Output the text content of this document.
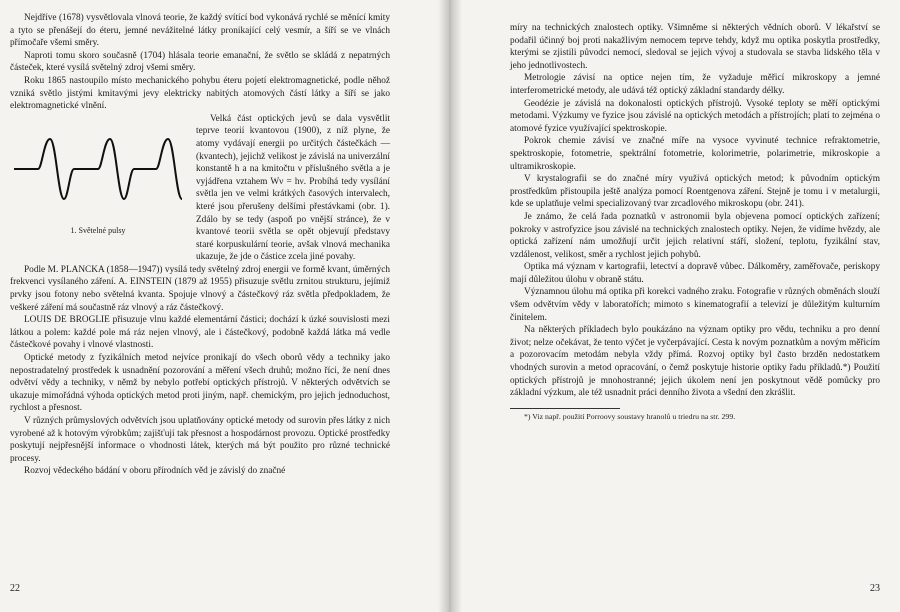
Nejdříve (1678) vysvětlovala vlnová teorie, že každý svítící bod vykonává rychlé se měnící kmity a tyto se přenášejí do éteru, jemné nevážitelné látky pronikající celý vesmír, a šíří se ve vlnách přímočaře všemi směry.

Naproti tomu skoro současně (1704) hlásala teorie emanační, že světlo se skládá z nepatrných částeček, které vysílá světelný zdroj všemi směry.

Roku 1865 nastoupilo místo mechanického pohybu éteru pojetí elektromagnetické, podle něhož vzniká světlo jistými kmitavými jevy elektricky nabitých atomových částí látky a šíří se jako elektromagnetické vlnění.

1. Světelné pulsy

Velká část optických jevů se dala vysvětlit teprve teorií kvantovou (1900), z níž plyne, že atomy vydávají energii po určitých částečkách — (kvantech), jejichž velikost je závislá na univerzální konstantě h a na kmitočtu ν příslušného světla a je vyjádřena vztahem Wν = hν. Probíhá tedy vysílání světla jen ve velmi krátkých časových intervalech, které jsou přerušeny delšími přestávkami (obr. 1). Zdálo by se tedy (aspoň po vnější stránce), že v kvantové teorii světla se opět objevují představy staré korpuskulární teorie, avšak vlnová mechanika ukazuje, že jde o částice zcela jiné povahy.

Podle M. PLANCKA (1858—1947)) vysílá tedy světelný zdroj energii ve formě kvant, úměrných frekvenci vysílaného záření. A. EINSTEIN (1879 až 1955) přisuzuje světlu zrnitou strukturu, jejímiž prvky jsou fotony nebo světelná kvanta. Spojuje vlnový a částečkový ráz světla předpokladem, že veškeré záření má součastně ráz vlnový a ráz částečkový.

LOUIS DE BROGLIE přisuzuje vlnu každé elementární částici; dochází k úzké souvislosti mezi látkou a polem: každé pole má ráz nejen vlnový, ale i částečkový, podobně každá látka má vedle částečkové povahy i vlnové vlastnosti.

Optické metody z fyzikálních metod nejvíce pronikají do všech oborů vědy a techniky jako nepostradatelný prostředek k usnadnění pozorování a měření všech druhů; možno říci, že není dnes odvětví vědy a techniky, v němž by nebylo potřebí optických přístrojů. V některých odvětvích se ukazuje mimořádná výhoda optických metod proti jiným, např. chemickým, pro jejich jednoduchost, rychlost a přesnost.

V různých průmyslových odvětvích jsou uplatňovány optické metody od surovin přes látky z nich vyrobené až k hotovým výrobkům; zajišťují tak přesnost a hospodárnost provozu. Optické prostředky poskytují nejpřesnější informace o vhodnosti látek, kterých má být použito pro různé technické procesy.

Rozvoj vědeckého bádání v oboru přírodních věd je závislý do značné

22

míry na technických znalostech optiky. Všimněme si některých vědních oborů. V lékařství se podařil účinný boj proti nakažlivým nemocem teprve tehdy, když mu optika poskytla prostředky, kterými se zjistili původci nemocí, sledoval se jejich vývoj a studovala se stavba lidského těla v jeho jednotlivostech.

Metrologie závisí na optice nejen tím, že vyžaduje měřicí mikroskopy a jemné interferometrické metody, ale udává též optický základní standardy délky.

Geodézie je závislá na dokonalosti optických přístrojů. Vysoké teploty se měří optickými metodami. Výzkumy ve fyzice jsou závislé na optických metodách a přístrojích; platí to zejména o atomové fyzice využívající spektroskopie.

Pokrok chemie závisí ve značné míře na vysoce vyvinuté technice refraktometrie, spektroskopie, fotometrie, spektrální fotometrie, kolorimetrie, polarimetrie, mikroskopie a ultramikroskopie.

V krystalografii se do značné míry využívá optických metod; k původním optickým prostředkům přistoupila ještě analýza pomocí Roentgenova záření. Stejně je tomu i v metalurgii, kde se uplatňuje velmi specializovaný tvar zrcadlového mikroskopu (obr. 241).

Je známo, že celá řada poznatků v astronomii byla objevena pomocí optických zařízení; pokroky v astrofyzice jsou závislé na technických znalostech optiky. Nejen, že vidíme hvězdy, ale optická zařízení nám umožňují určit jejich relativní stáří, složení, teplotu, fyzikální stav, vzdálenost, velikost, směr a rychlost jejich pohybů.

Optika má význam v kartografii, letectví a dopravě vůbec. Dálkoměry, zaměřovače, periskopy mají důležitou úlohu v obraně státu.

Významnou úlohu má optika při korekci vadného zraku. Fotografie v různých obměnách slouží všem odvětvím vědy v laboratořích; mimoto s kinematografií a televizí je důležitým kulturním činitelem.

Na některých příkladech bylo poukázáno na význam optiky pro vědu, techniku a pro denní život; nelze očekávat, že tento výčet je vyčerpávající. Cesta k novým poznatkům a novým měřicím a pozorovacím metodám nebyla vždy přímá. Rozvoj optiky byl často brzděn nedostatkem vhodných surovin a metod opracování, o čemž poskytuje historie optiky řadu příkladů.*) Použití optických přístrojů je mnohostranné; jejich úkolem není jen poskytnout vědě pomůcky pro základní výzkum, ale též usnadnit práci denního života a všední den zkrášlit.

*) Viz např. použití Porroovy soustavy hranolů u triedru na str. 299.
23
